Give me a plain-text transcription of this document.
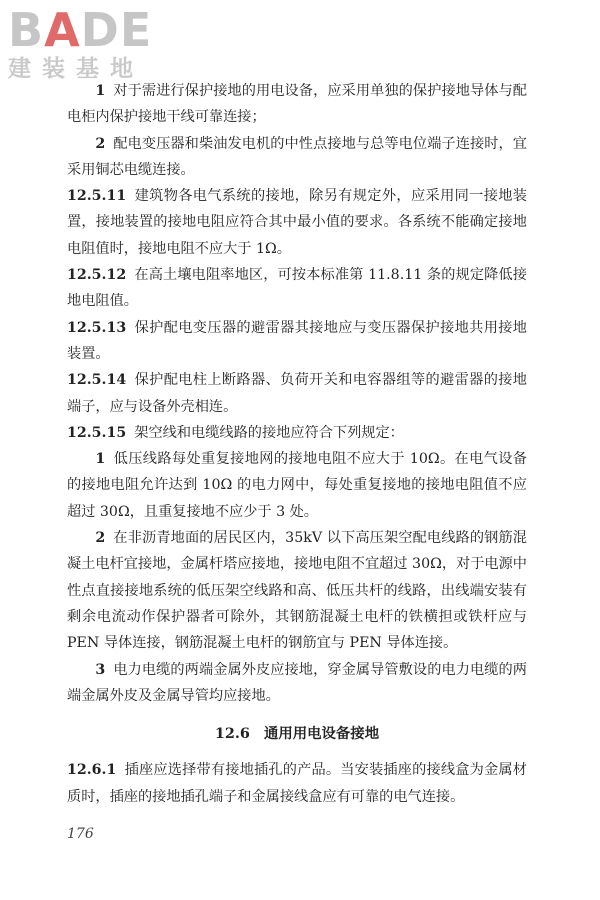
BADE
建装基地

1 对于需进行保护接地的用电设备，应采用单独的保护接地导体与配电柜内保护接地干线可靠连接；

2 配电变压器和柴油发电机的中性点接地与总等电位端子连接时，宜采用铜芯电缆连接。

12.5.11 建筑物各电气系统的接地，除另有规定外，应采用同一接地装置，接地装置的接地电阻应符合其中最小值的要求。各系统不能确定接地电阻值时，接地电阻不应大于 1Ω。

12.5.12 在高土壤电阻率地区，可按本标准第 11.8.11 条的规定降低接地电阻值。

12.5.13 保护配电变压器的避雷器其接地应与变压器保护接地共用接地装置。

12.5.14 保护配电柱上断路器、负荷开关和电容器组等的避雷器的接地端子，应与设备外壳相连。

12.5.15 架空线和电缆线路的接地应符合下列规定：

1 低压线路每处重复接地网的接地电阻不应大于 10Ω。在电气设备的接地电阻允许达到 10Ω 的电力网中，每处重复接地的接地电阻值不应超过 30Ω，且重复接地不应少于 3 处。

2 在非沥青地面的居民区内，35kV 以下高压架空配电线路的钢筋混凝土电杆宜接地，金属杆塔应接地，接地电阻不宜超过 30Ω，对于电源中性点直接接地系统的低压架空线路和高、低压共杆的线路，出线端安装有剩余电流动作保护器者可除外，其钢筋混凝土电杆的铁横担或铁杆应与 PEN 导体连接，钢筋混凝土电杆的钢筋宜与 PEN 导体连接。

3 电力电缆的两端金属外皮应接地，穿金属导管敷设的电力电缆的两端金属外皮及金属导管均应接地。

12.6 通用用电设备接地

12.6.1 插座应选择带有接地插孔的产品。当安装插座的接线盒为金属材质时，插座的接地插孔端子和金属接线盒应有可靠的电气连接。

176
